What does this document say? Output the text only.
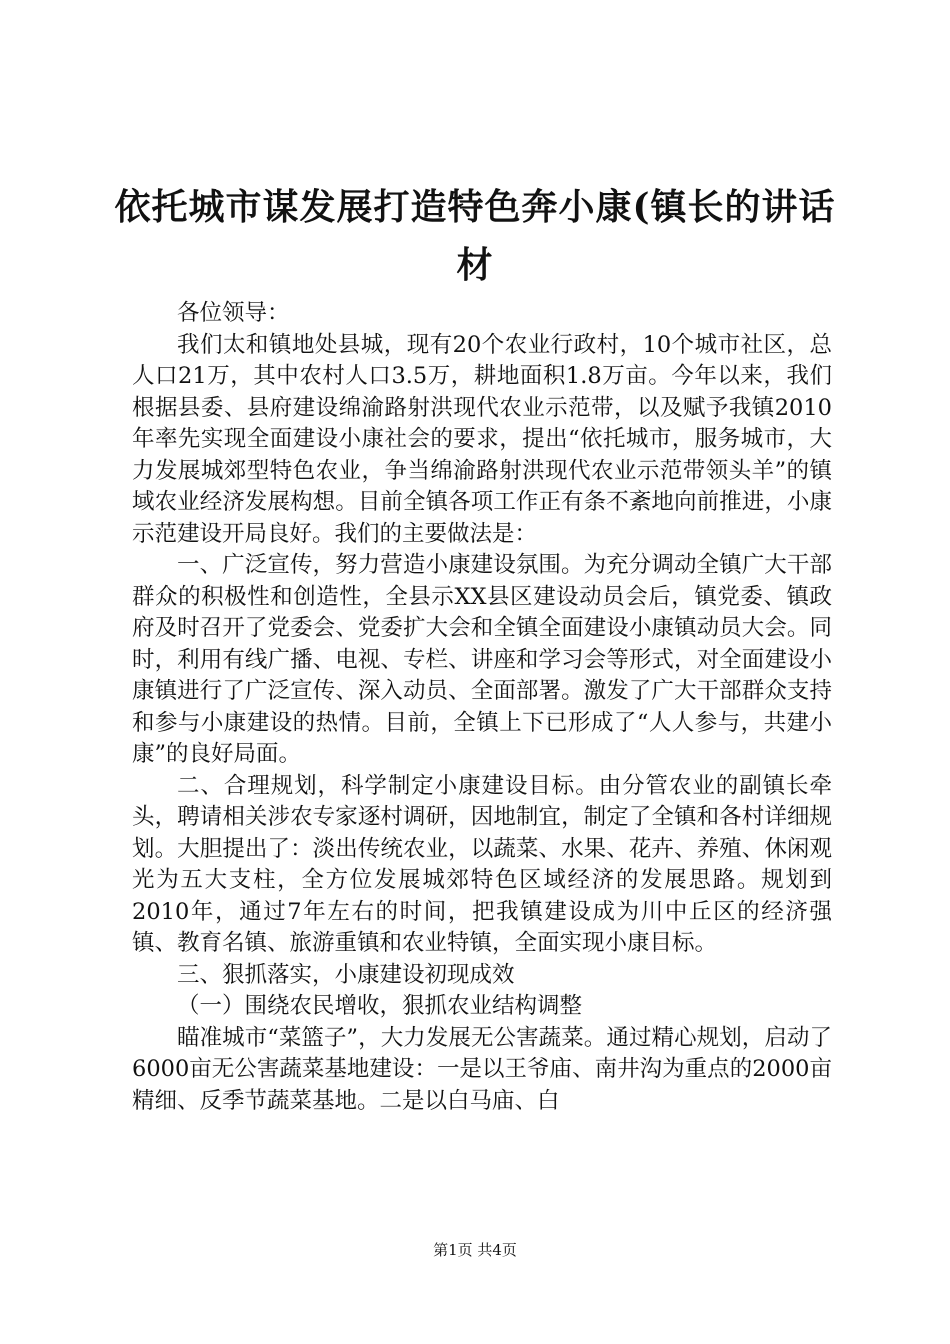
依托城市谋发展打造特色奔小康(镇长的讲话材

各位领导：

我们太和镇地处县城，现有20个农业行政村，10个城市社区，总人口21万，其中农村人口3.5万，耕地面积1.8万亩。今年以来，我们根据县委、县府建设绵渝路射洪现代农业示范带，以及赋予我镇2010年率先实现全面建设小康社会的要求，提出“依托城市，服务城市，大力发展城郊型特色农业，争当绵渝路射洪现代农业示范带领头羊”的镇域农业经济发展构想。目前全镇各项工作正有条不紊地向前推进，小康示范建设开局良好。我们的主要做法是：

一、广泛宣传，努力营造小康建设氛围。为充分调动全镇广大干部群众的积极性和创造性，全县示XX县区建设动员会后，镇党委、镇政府及时召开了党委会、党委扩大会和全镇全面建设小康镇动员大会。同时，利用有线广播、电视、专栏、讲座和学习会等形式，对全面建设小康镇进行了广泛宣传、深入动员、全面部署。激发了广大干部群众支持和参与小康建设的热情。目前，全镇上下已形成了“人人参与，共建小康”的良好局面。

二、合理规划，科学制定小康建设目标。由分管农业的副镇长牵头，聘请相关涉农专家逐村调研，因地制宜，制定了全镇和各村详细规划。大胆提出了：淡出传统农业，以蔬菜、水果、花卉、养殖、休闲观光为五大支柱，全方位发展城郊特色区域经济的发展思路。规划到2010年，通过7年左右的时间，把我镇建设成为川中丘区的经济强镇、教育名镇、旅游重镇和农业特镇，全面实现小康目标。

三、狠抓落实，小康建设初现成效

（一）围绕农民增收，狠抓农业结构调整

瞄准城市“菜篮子”，大力发展无公害蔬菜。通过精心规划，启动了6000亩无公害蔬菜基地建设：一是以王爷庙、南井沟为重点的2000亩精细、反季节蔬菜基地。二是以白马庙、白

第1页 共4页
